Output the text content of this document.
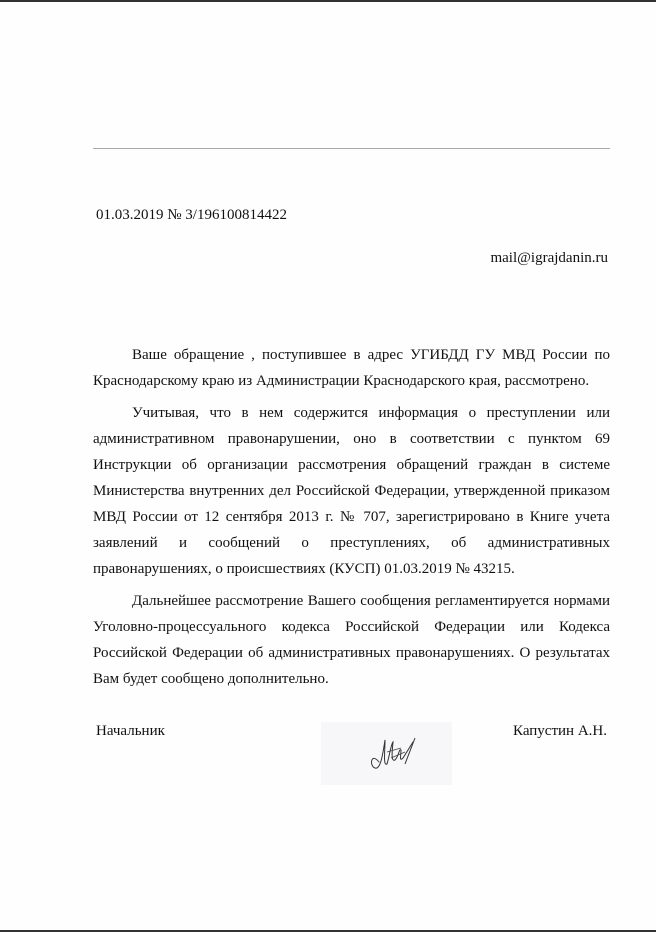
01.03.2019 № 3/196100814422
mail@igrajdanin.ru

Ваше обращение , поступившее в адрес УГИБДД ГУ МВД России по Краснодарскому краю из Администрации Краснодарского края, рассмотрено.

Учитывая, что в нем содержится информация о преступлении или административном правонарушении, оно в соответствии с пунктом 69 Инструкции об организации рассмотрения обращений граждан в системе Министерства внутренних дел Российской Федерации, утвержденной приказом МВД России от 12 сентября 2013 г. № 707, зарегистрировано в Книге учета заявлений и сообщений о преступлениях, об административных правонарушениях, о происшествиях (КУСП) 01.03.2019 № 43215.

Дальнейшее рассмотрение Вашего сообщения регламентируется нормами Уголовно-процессуального кодекса Российской Федерации или Кодекса Российской Федерации об административных правонарушениях. О результатах Вам будет сообщено дополнительно.

Начальник	Капустин А.Н.
